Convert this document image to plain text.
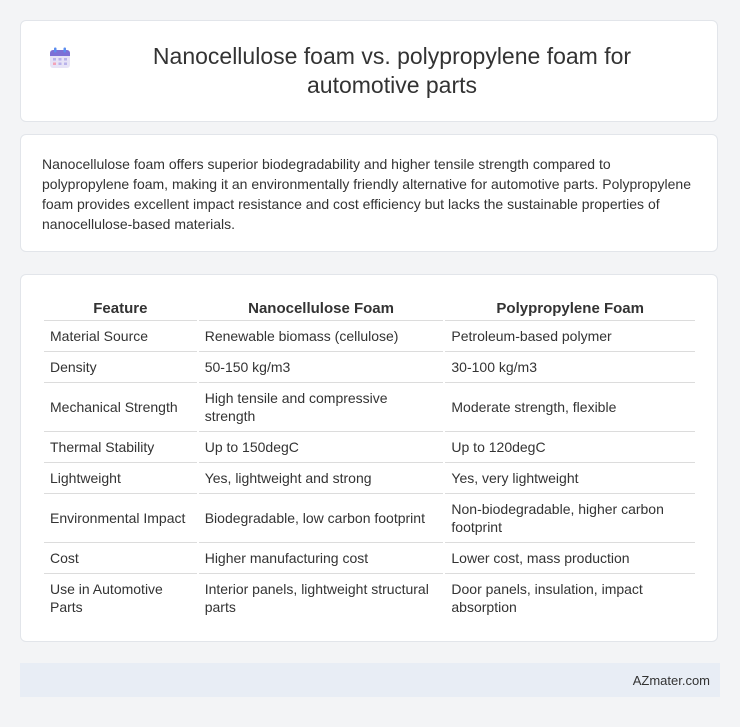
Nanocellulose foam vs. polypropylene foam for automotive parts

Nanocellulose foam offers superior biodegradability and higher tensile strength compared to polypropylene foam, making it an environmentally friendly alternative for automotive parts. Polypropylene foam provides excellent impact resistance and cost efficiency but lacks the sustainable properties of nanocellulose-based materials.

Feature	Nanocellulose Foam	Polypropylene Foam
Material Source	Renewable biomass (cellulose)	Petroleum-based polymer
Density	50-150 kg/m3	30-100 kg/m3
Mechanical Strength	High tensile and compressive strength	Moderate strength, flexible
Thermal Stability	Up to 150degC	Up to 120degC
Lightweight	Yes, lightweight and strong	Yes, very lightweight
Environmental Impact	Biodegradable, low carbon footprint	Non-biodegradable, higher carbon footprint
Cost	Higher manufacturing cost	Lower cost, mass production
Use in Automotive Parts	Interior panels, lightweight structural parts	Door panels, insulation, impact absorption
AZmater.com
